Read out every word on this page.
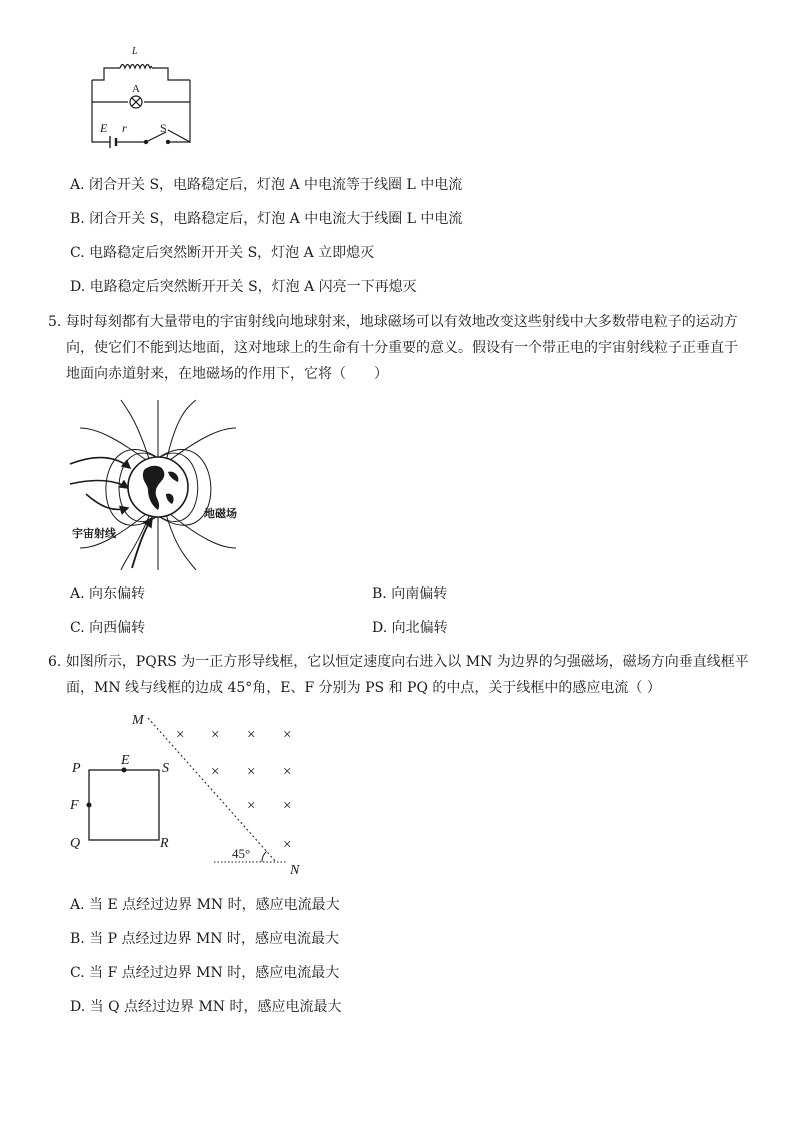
L
A
E r	S
A. 闭合开关 S，电路稳定后，灯泡 A 中电流等于线圈 L 中电流
B. 闭合开关 S，电路稳定后，灯泡 A 中电流大于线圈 L 中电流
C. 电路稳定后突然断开开关 S，灯泡 A 立即熄灭
D. 电路稳定后突然断开开关 S，灯泡 A 闪亮一下再熄灭
5. 每时每刻都有大量带电的宇宙射线向地球射来，地球磁场可以有效地改变这些射线中大多数带电粒子的运动方
向，使它们不能到达地面，这对地球上的生命有十分重要的意义。假设有一个带正电的宇宙射线粒子正垂直于
地面向赤道射来，在地磁场的作用下，它将（　　）
地磁场
宇宙射线
A. 向东偏转	B. 向南偏转
C. 向西偏转	D. 向北偏转
6. 如图所示，PQRS 为一正方形导线框，它以恒定速度向右进入以 MN 为边界的匀强磁场，磁场方向垂直线框平
面，MN 线与线框的边成 45°角，E、F 分别为 PS 和 PQ 的中点，关于线框中的感应电流（ ）
× × × ×
× × ×
× ×
×
M
N
P
Q	R
S
E
F
45°
A. 当 E 点经过边界 MN 时，感应电流最大
B. 当 P 点经过边界 MN 时，感应电流最大
C. 当 F 点经过边界 MN 时，感应电流最大
D. 当 Q 点经过边界 MN 时，感应电流最大
